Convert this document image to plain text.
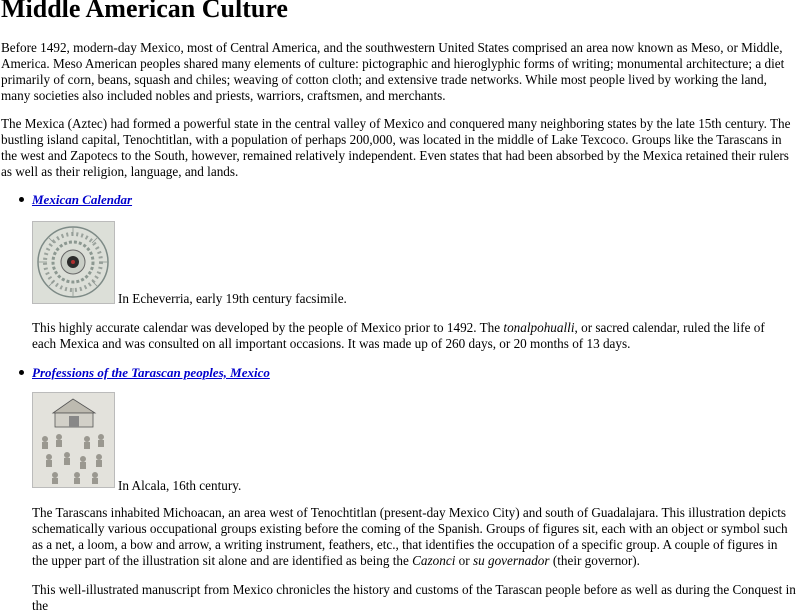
Middle American Culture

Before 1492, modern-day Mexico, most of Central America, and the southwestern United States comprised an area now known as Meso, or Middle, America. Meso American peoples shared many elements of culture: pictographic and hieroglyphic forms of writing; monumental architecture; a diet primarily of corn, beans, squash and chiles; weaving of cotton cloth; and extensive trade networks. While most people lived by working the land, many societies also included nobles and priests, warriors, craftsmen, and merchants.

The Mexica (Aztec) had formed a powerful state in the central valley of Mexico and conquered many neighboring states by the late 15th century. The bustling island capital, Tenochtitlan, with a population of perhaps 200,000, was located in the middle of Lake Texcoco. Groups like the Tarascans in the west and Zapotecs to the South, however, remained relatively independent. Even states that had been absorbed by the Mexica retained their rulers as well as their religion, language, and lands.

Mexican Calendar
In Echeverria, early 19th century facsimile.

This highly accurate calendar was developed by the people of Mexico prior to 1492. The tonalpohualli, or sacred calendar, ruled the life of each Mexica and was consulted on all important occasions. It was made up of 260 days, or 20 months of 13 days.

Professions of the Tarascan peoples, Mexico
In Alcala, 16th century.

The Tarascans inhabited Michoacan, an area west of Tenochtitlan (present-day Mexico City) and south of Guadalajara. This illustration depicts schematically various occupational groups existing before the coming of the Spanish. Groups of figures sit, each with an object or symbol such as a net, a loom, a bow and arrow, a writing instrument, feathers, etc., that identifies the occupation of a specific group. A couple of figures in the upper part of the illustration sit alone and are identified as being the Cazonci or su governador (their governor).

This well-illustrated manuscript from Mexico chronicles the history and customs of the Tarascan people before as well as during the Conquest in the
